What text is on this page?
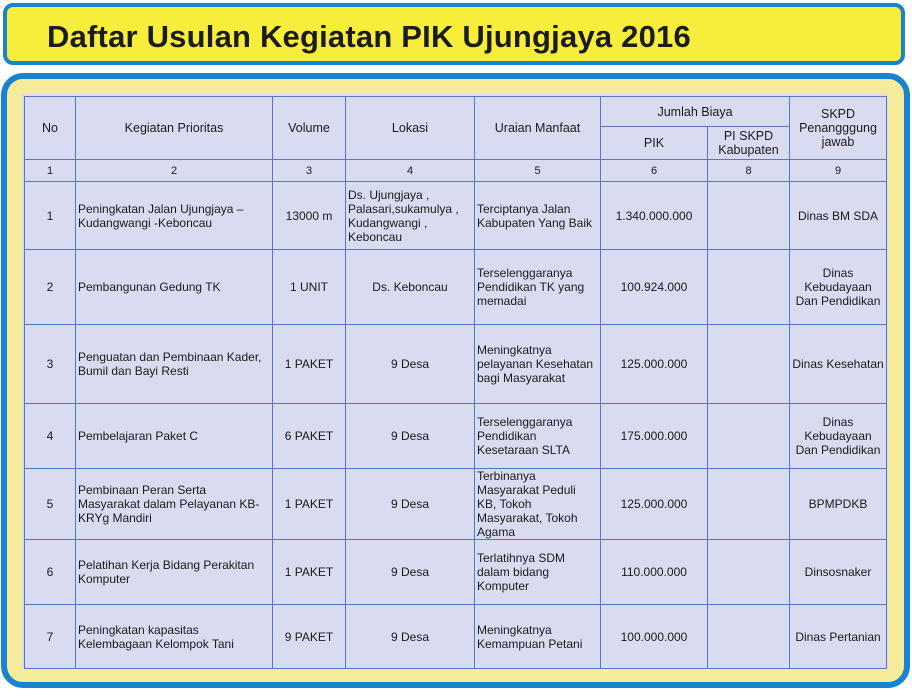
Daftar Usulan Kegiatan PIK Ujungjaya 2016
No	Kegiatan Prioritas	Volume	Lokasi	Uraian Manfaat	Jumlah Biaya		SKPD Penangggung jawab
					PIK	PI SKPD Kabupaten	
1	2	3	4	5	6	8	9
1	Peningkatan Jalan Ujungjaya – Kudangwangi -Keboncau	13000 m	Ds. Ujungjaya , Palasari,sukamulya , Kudangwangi , Keboncau	Terciptanya Jalan Kabupaten Yang Baik	1.340.000.000		Dinas BM SDA
2	Pembangunan Gedung TK	1 UNIT	Ds. Keboncau	Terselenggaranya Pendidikan TK yang memadai	100.924.000		Dinas Kebudayaan Dan Pendidikan
3	Penguatan dan Pembinaan Kader, Bumil dan Bayi Resti	1 PAKET	9 Desa	Meningkatnya pelayanan Kesehatan bagi Masyarakat	125.000.000		Dinas Kesehatan
4	Pembelajaran Paket C	6 PAKET	9 Desa	Terselenggaranya Pendidikan Kesetaraan SLTA	175.000.000		Dinas Kebudayaan Dan Pendidikan
5	Pembinaan Peran Serta Masyarakat dalam Pelayanan KB-KRYg Mandiri	1 PAKET	9 Desa	Terbinanya Masyarakat Peduli KB, Tokoh Masyarakat, Tokoh Agama	125.000.000		BPMPDKB
6	Pelatihan Kerja Bidang Perakitan Komputer	1 PAKET	9 Desa	Terlatihnya SDM dalam bidang Komputer	110.000.000		Dinsosnaker
7	Peningkatan kapasitas Kelembagaan Kelompok Tani	9 PAKET	9 Desa	Meningkatnya Kemampuan Petani	100.000.000		Dinas Pertanian
